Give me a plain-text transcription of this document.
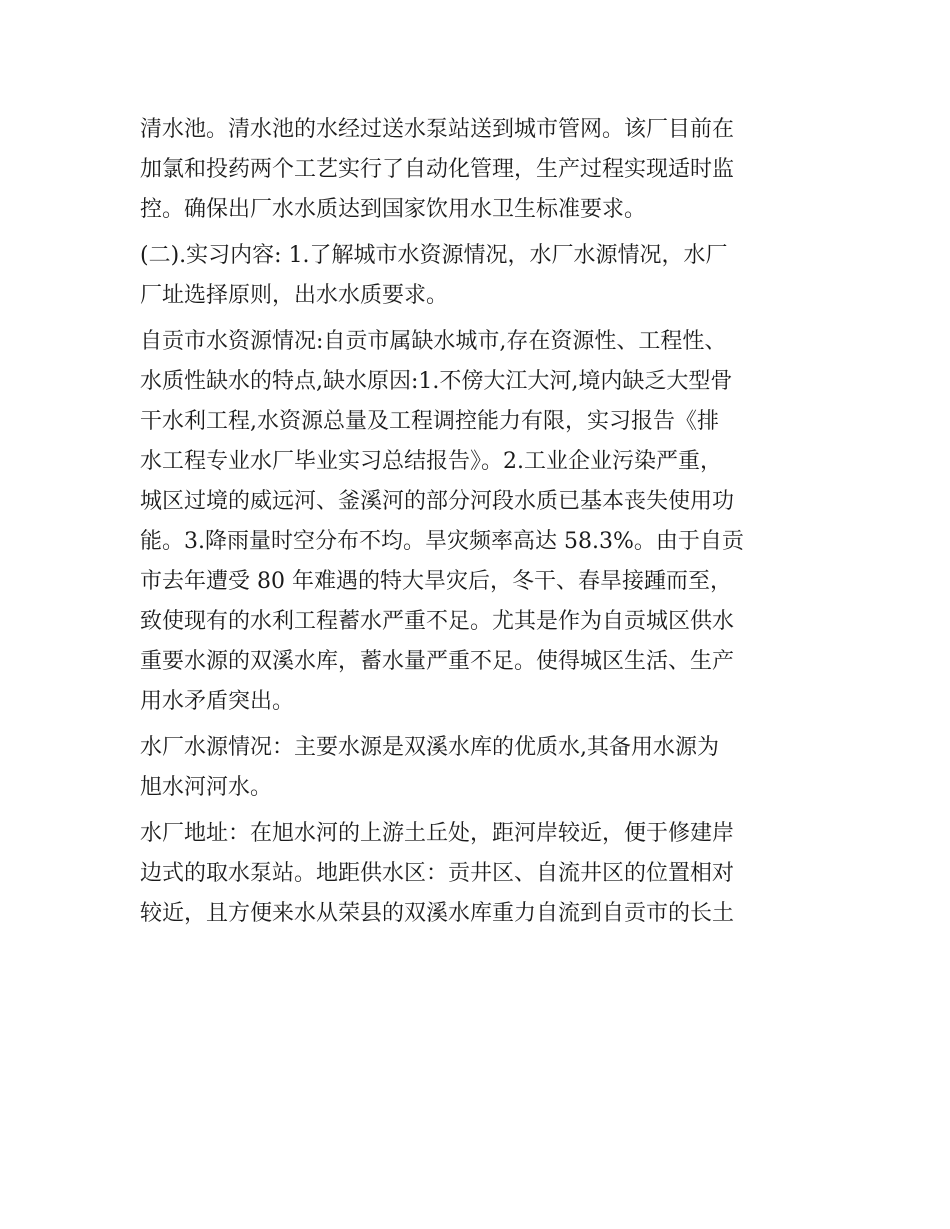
清水池。清水池的水经过送水泵站送到城市管网。该厂目前在
加氯和投药两个工艺实行了自动化管理，生产过程实现适时监
控。确保出厂水水质达到国家饮用水卫生标准要求。
(二).实习内容: 1.了解城市水资源情况，水厂水源情况，水厂
厂址选择原则，出水水质要求。
自贡市水资源情况:自贡市属缺水城市,存在资源性、工程性、
水质性缺水的特点,缺水原因:1.不傍大江大河,境内缺乏大型骨
干水利工程,水资源总量及工程调控能力有限，实习报告《排
水工程专业水厂毕业实习总结报告》。2.工业企业污染严重，
城区过境的威远河、釜溪河的部分河段水质已基本丧失使用功
能。3.降雨量时空分布不均。旱灾频率高达 58.3%。由于自贡
市去年遭受 80 年难遇的特大旱灾后，冬干、春旱接踵而至，
致使现有的水利工程蓄水严重不足。尤其是作为自贡城区供水
重要水源的双溪水库，蓄水量严重不足。使得城区生活、生产
用水矛盾突出。
水厂水源情况：主要水源是双溪水库的优质水,其备用水源为
旭水河河水。
水厂地址：在旭水河的上游土丘处，距河岸较近，便于修建岸
边式的取水泵站。地距供水区：贡井区、自流井区的位置相对
较近，且方便来水从荣县的双溪水库重力自流到自贡市的长土
